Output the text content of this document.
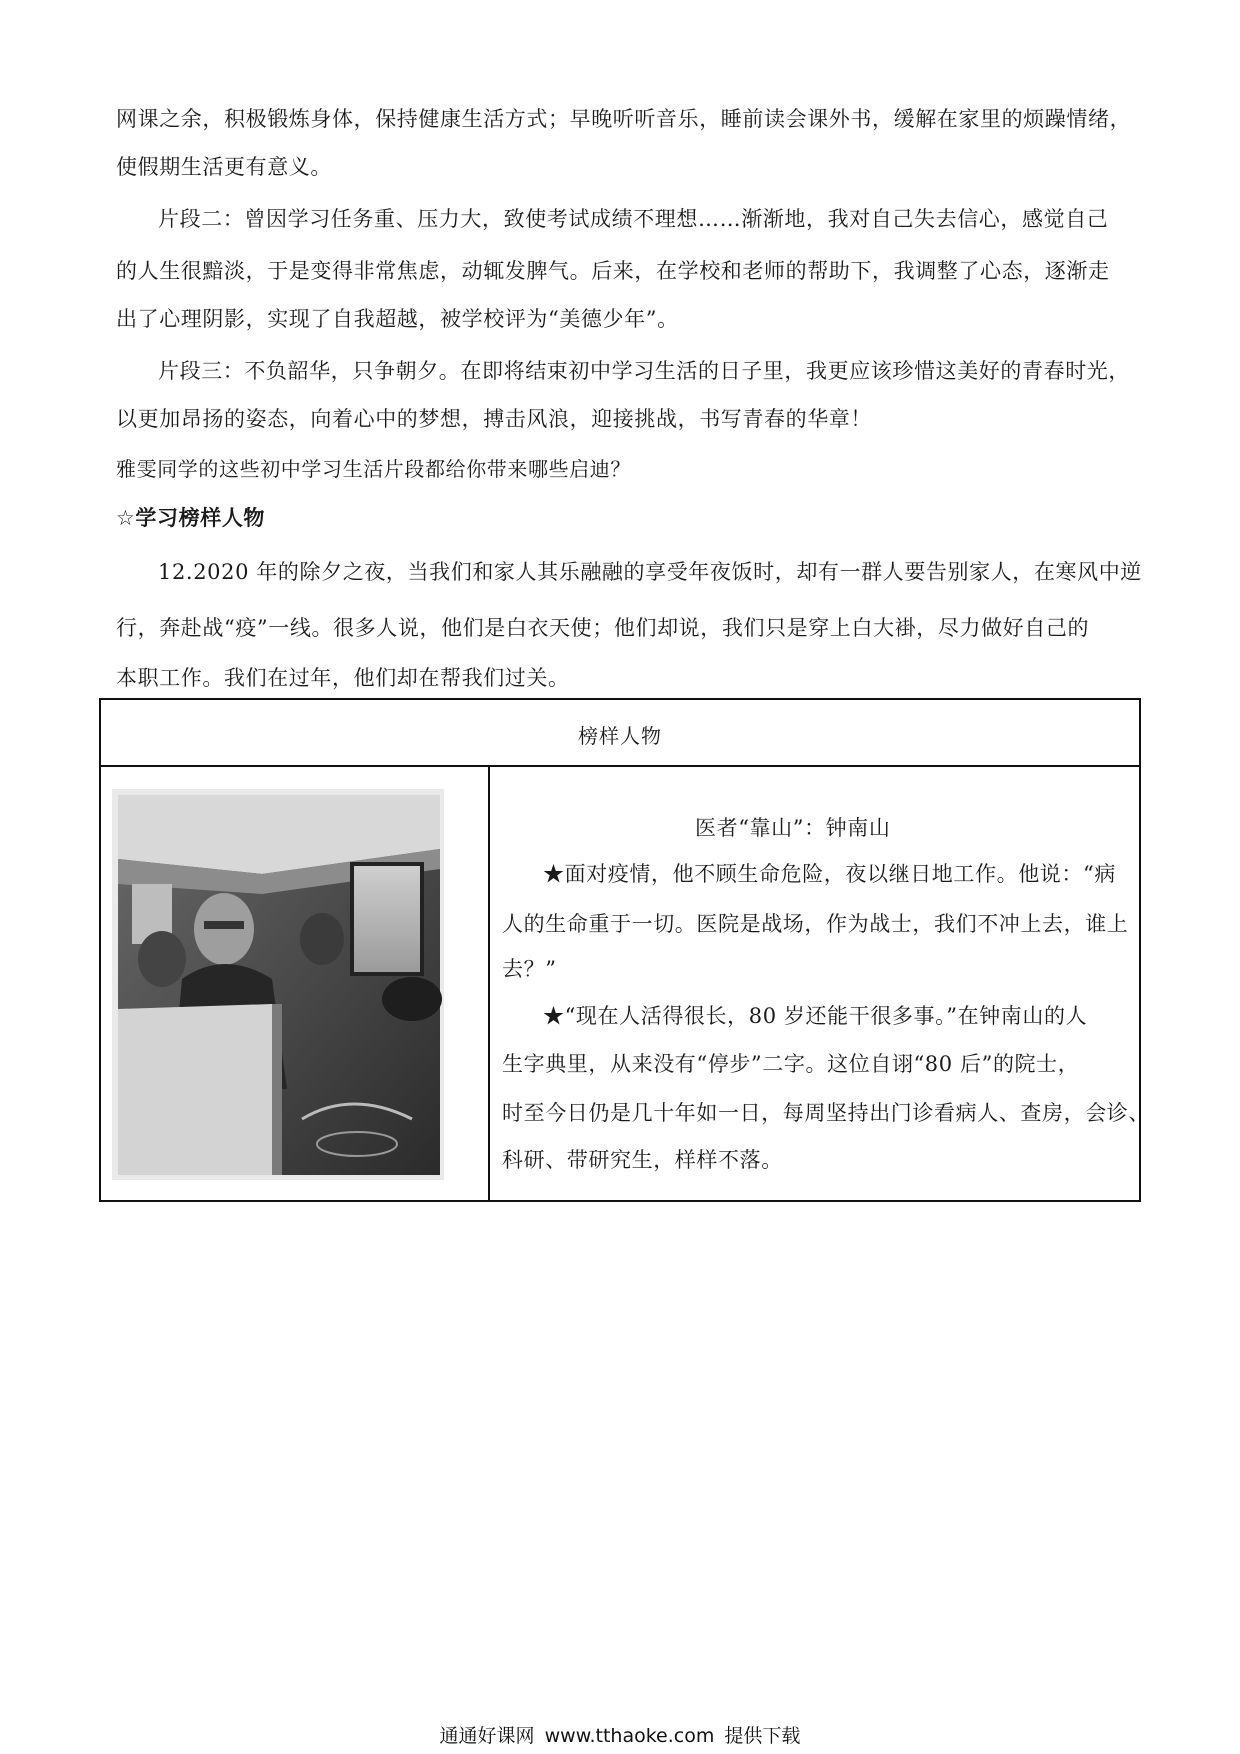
网课之余，积极锻炼身体，保持健康生活方式；早晚听听音乐，睡前读会课外书，缓解在家里的烦躁情绪，
使假期生活更有意义。
片段二：曾因学习任务重、压力大，致使考试成绩不理想……渐渐地，我对自己失去信心，感觉自己
的人生很黯淡，于是变得非常焦虑，动辄发脾气。后来，在学校和老师的帮助下，我调整了心态，逐渐走
出了心理阴影，实现了自我超越，被学校评为“美德少年”。
片段三：不负韶华，只争朝夕。在即将结束初中学习生活的日子里，我更应该珍惜这美好的青春时光，
以更加昂扬的姿态，向着心中的梦想，搏击风浪，迎接挑战，书写青春的华章！
雅雯同学的这些初中学习生活片段都给你带来哪些启迪？
☆学习榜样人物
12.2020 年的除夕之夜，当我们和家人其乐融融的享受年夜饭时，却有一群人要告别家人，在寒风中逆
行，奔赴战“疫”一线。很多人说，他们是白衣天使；他们却说，我们只是穿上白大褂，尽力做好自己的
本职工作。我们在过年，他们却在帮我们过关。
榜样人物
医者“靠山”：钟南山
★面对疫情，他不顾生命危险，夜以继日地工作。他说：“病
人的生命重于一切。医院是战场，作为战士，我们不冲上去，谁上
去？”
★“现在人活得很长，80 岁还能干很多事。”在钟南山的人
生字典里，从来没有“停步”二字。这位自诩“80 后”的院士，
时至今日仍是几十年如一日，每周坚持出门诊看病人、查房，会诊、
科研、带研究生，样样不落。
通通好课网 www.tthaoke.com 提供下载
